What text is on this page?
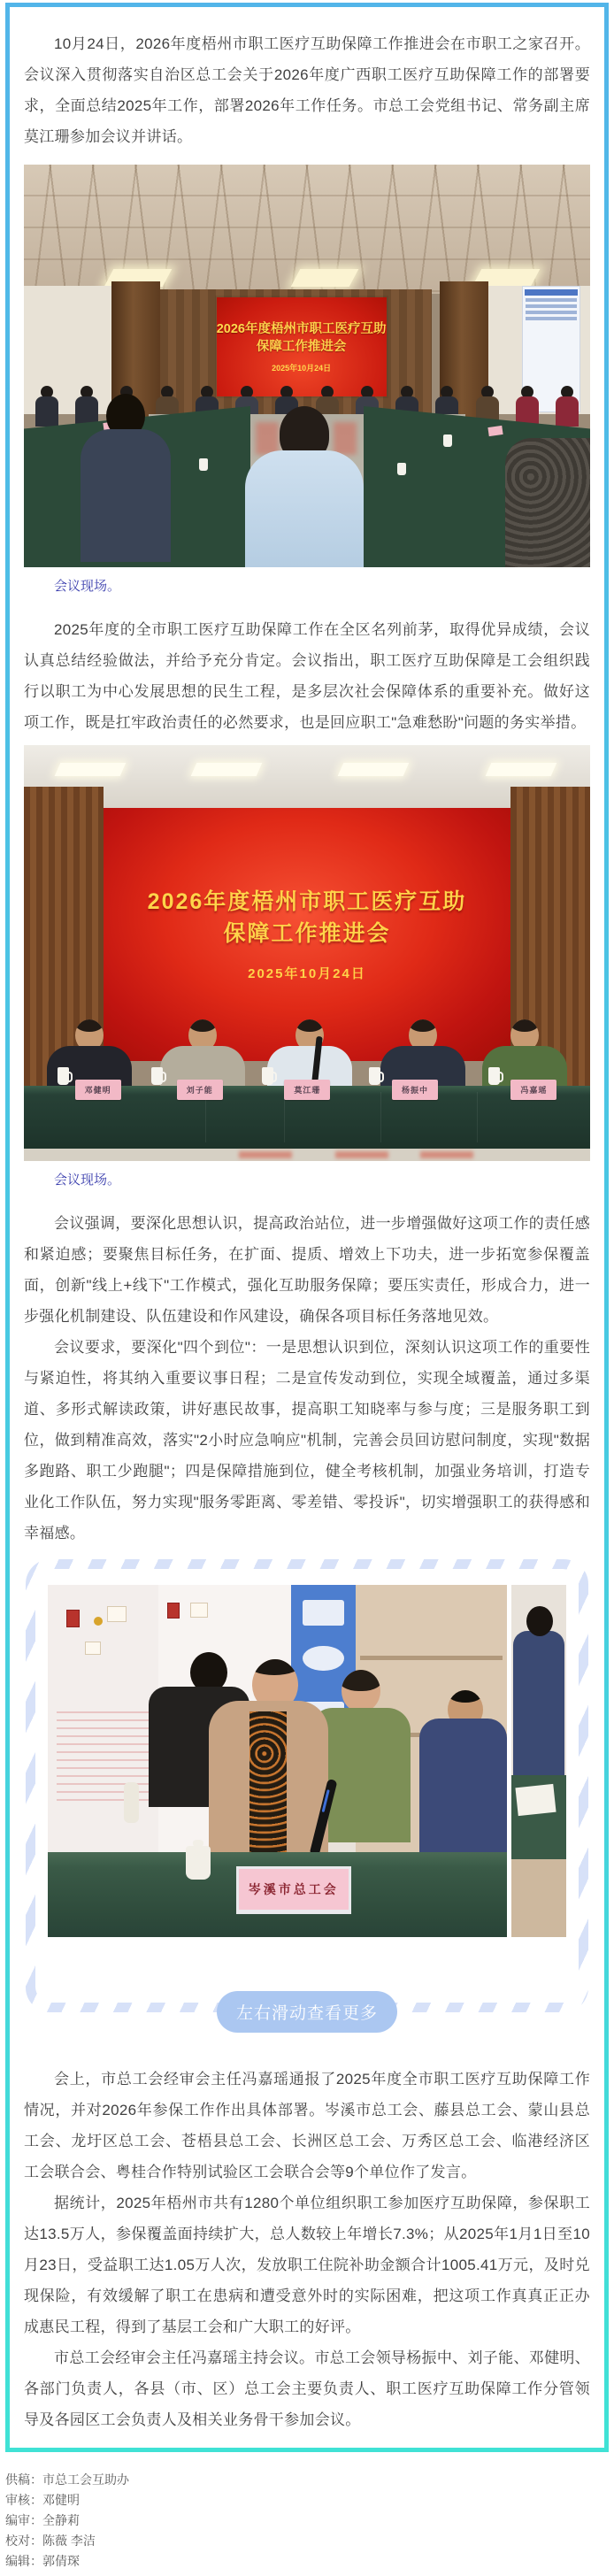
10月24日，2026年度梧州市职工医疗互助保障工作推进会在市职工之家召开。会议深入贯彻落实自治区总工会关于2026年度广西职工医疗互助保障工作的部署要求，全面总结2025年工作，部署2026年工作任务。市总工会党组书记、常务副主席莫江珊参加会议并讲话。

2026年度梧州市职工医疗互助
保障工作推进会
2025年10月24日
会议现场。

2025年度的全市职工医疗互助保障工作在全区名列前茅，取得优异成绩，会议认真总结经验做法，并给予充分肯定。会议指出，职工医疗互助保障是工会组织践行以职工为中心发展思想的民生工程，是多层次社会保障体系的重要补充。做好这项工作，既是扛牢政治责任的必然要求，也是回应职工"急难愁盼"问题的务实举措。

2026年度梧州市职工医疗互助
保障工作推进会
2025年10月24日
邓健明	刘子能	莫江珊	杨振中	冯嘉瑶
会议现场。

会议强调，要深化思想认识，提高政治站位，进一步增强做好这项工作的责任感和紧迫感；要聚焦目标任务，在扩面、提质、增效上下功夫，进一步拓宽参保覆盖面，创新"线上+线下"工作模式，强化互助服务保障；要压实责任，形成合力，进一步强化机制建设、队伍建设和作风建设，确保各项目标任务落地见效。

会议要求，要深化"四个到位"：一是思想认识到位，深刻认识这项工作的重要性与紧迫性，将其纳入重要议事日程；二是宣传发动到位，实现全域覆盖，通过多渠道、多形式解读政策，讲好惠民故事，提高职工知晓率与参与度；三是服务职工到位，做到精准高效，落实"2小时应急响应"机制，完善会员回访慰问制度，实现"数据多跑路、职工少跑腿"；四是保障措施到位，健全考核机制，加强业务培训，打造专业化工作队伍，努力实现"服务零距离、零差错、零投诉"，切实增强职工的获得感和幸福感。

岑溪市总工会
左右滑动查看更多

会上，市总工会经审会主任冯嘉瑶通报了2025年度全市职工医疗互助保障工作情况，并对2026年参保工作作出具体部署。岑溪市总工会、藤县总工会、蒙山县总工会、龙圩区总工会、苍梧县总工会、长洲区总工会、万秀区总工会、临港经济区工会联合会、粤桂合作特别试验区工会联合会等9个单位作了发言。

据统计，2025年梧州市共有1280个单位组织职工参加医疗互助保障，参保职工达13.5万人，参保覆盖面持续扩大，总人数较上年增长7.3%；从2025年1月1日至10月23日，受益职工达1.05万人次，发放职工住院补助金额合计1005.41万元，及时兑现保险，有效缓解了职工在患病和遭受意外时的实际困难，把这项工作真真正正办成惠民工程，得到了基层工会和广大职工的好评。

市总工会经审会主任冯嘉瑶主持会议。市总工会领导杨振中、刘子能、邓健明、各部门负责人，各县（市、区）总工会主要负责人、职工医疗互助保障工作分管领导及各园区工会负责人及相关业务骨干参加会议。

供稿： 市总工会互助办
审核： 邓健明
编审： 全静莉
校对： 陈薇 李洁
编辑： 郭倩琛
